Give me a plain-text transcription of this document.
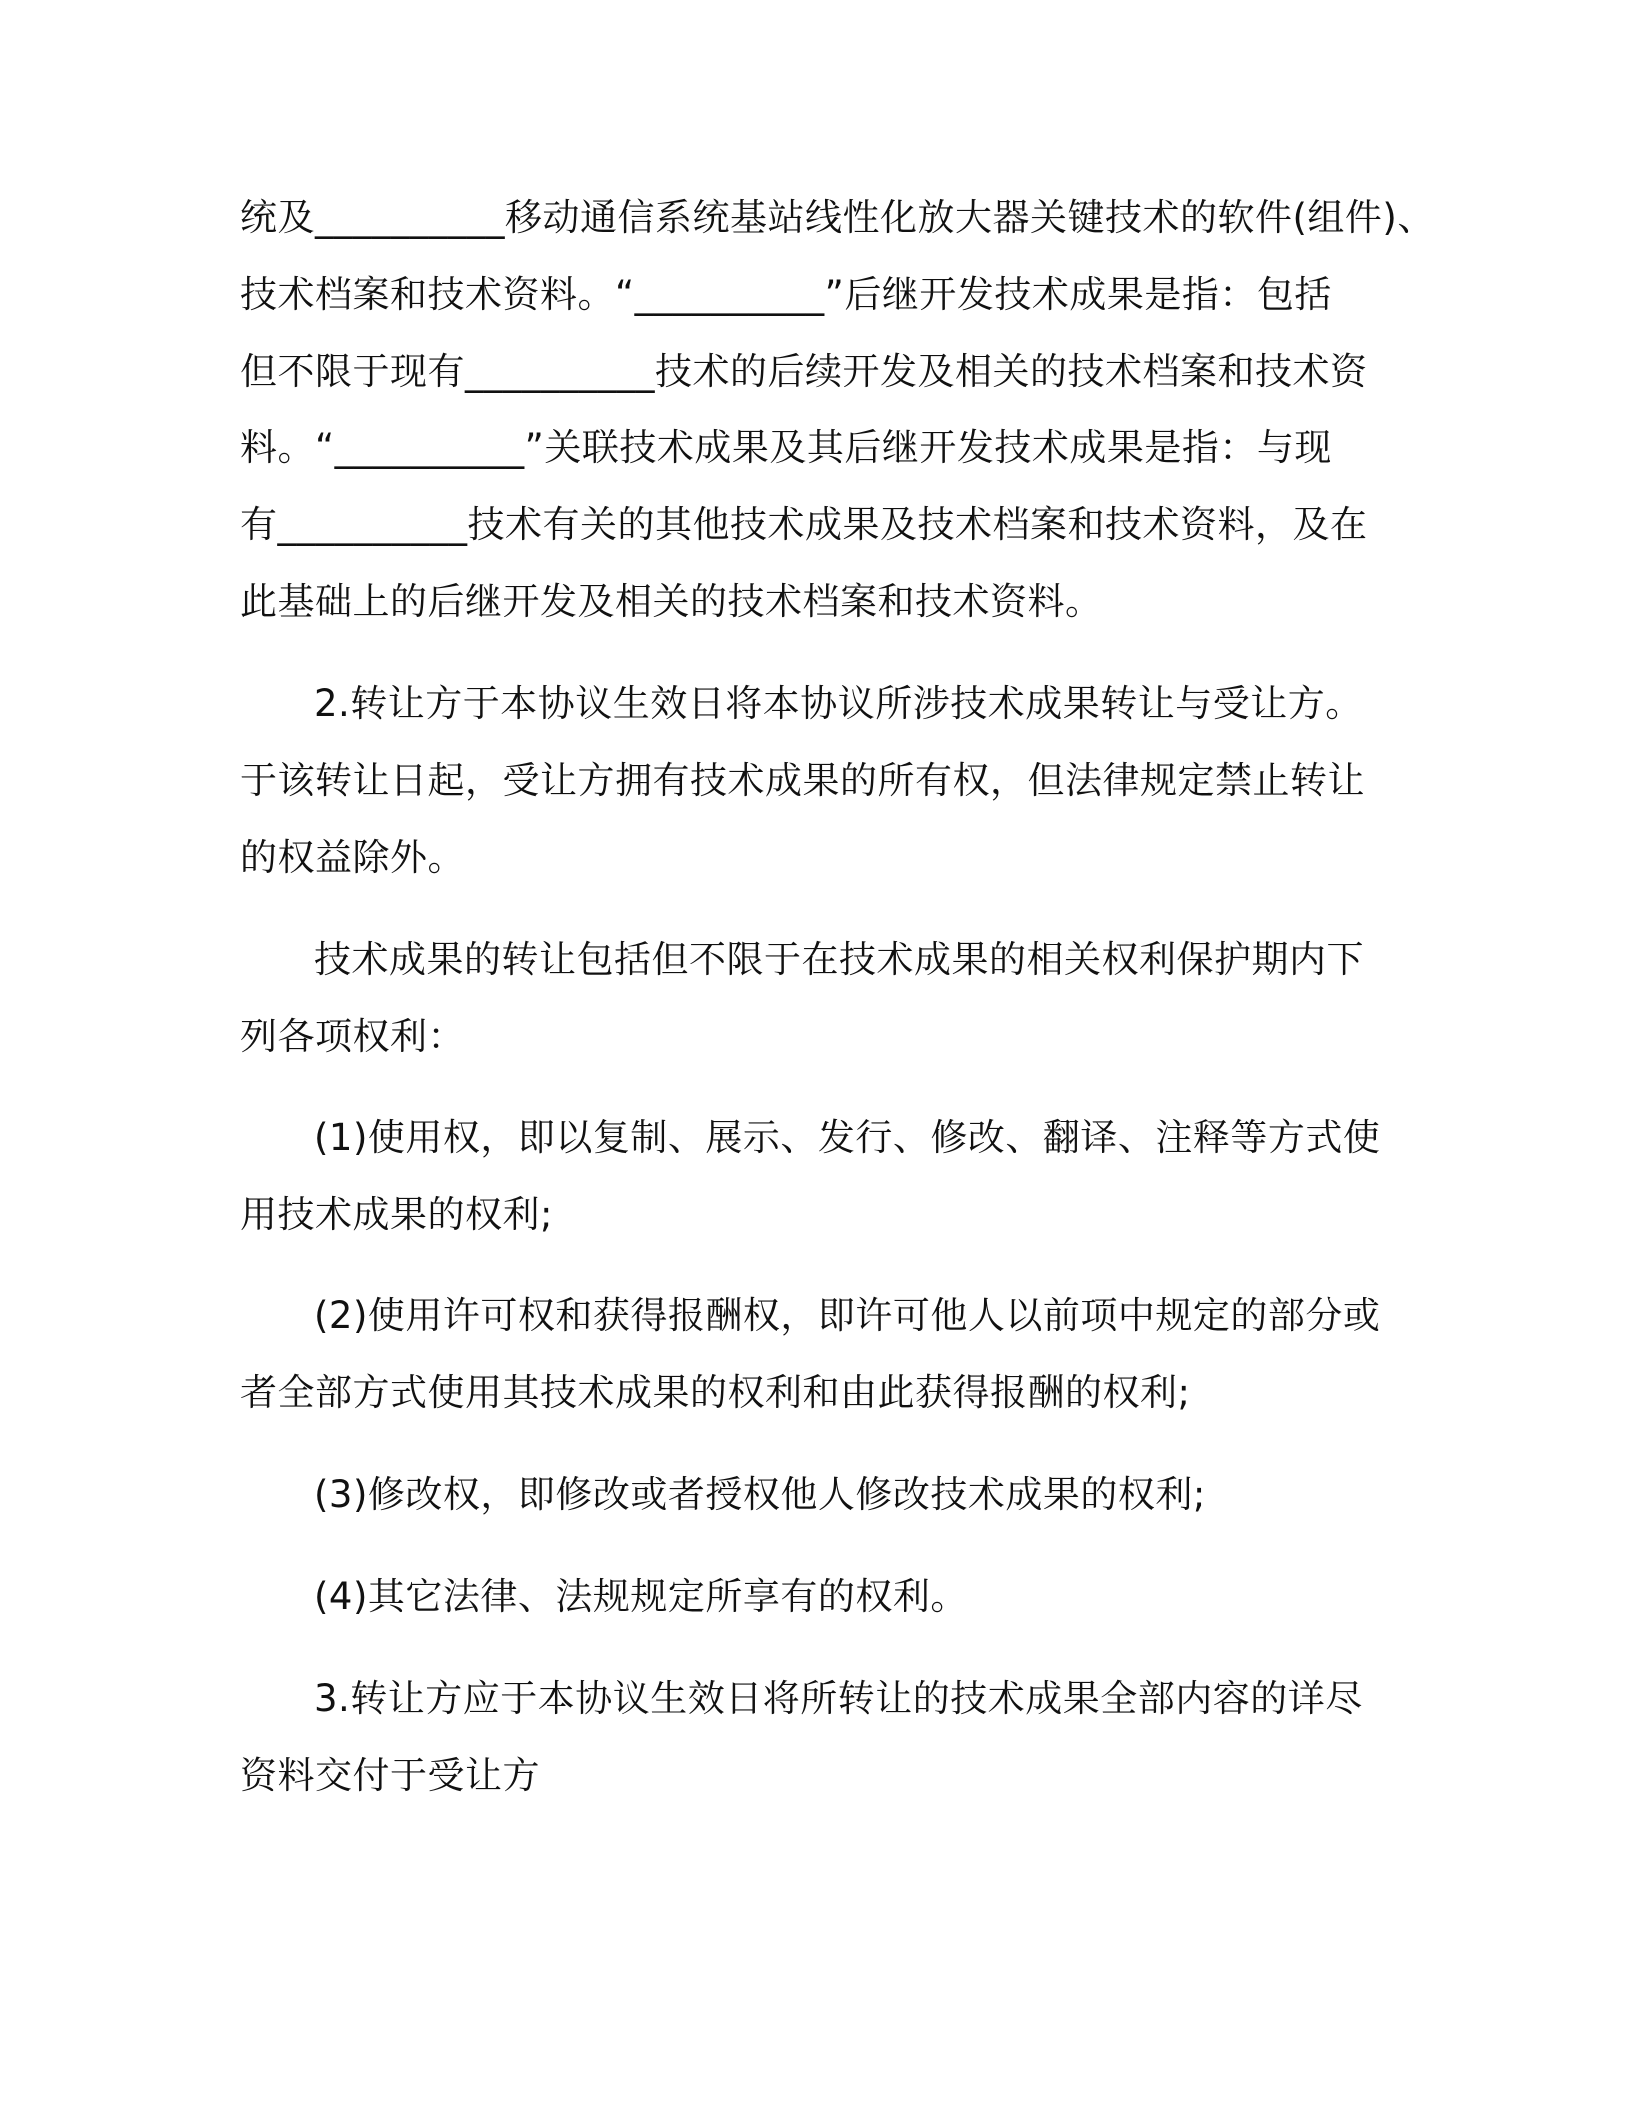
统及__________移动通信系统基站线性化放大器关键技术的软件(组件)、
技术档案和技术资料。“__________”后继开发技术成果是指：包括
但不限于现有__________技术的后续开发及相关的技术档案和技术资
料。“__________”关联技术成果及其后继开发技术成果是指：与现
有__________技术有关的其他技术成果及技术档案和技术资料，及在
此基础上的后继开发及相关的技术档案和技术资料。
2.转让方于本协议生效日将本协议所涉技术成果转让与受让方。
于该转让日起，受让方拥有技术成果的所有权，但法律规定禁止转让
的权益除外。
技术成果的转让包括但不限于在技术成果的相关权利保护期内下
列各项权利：
(1)使用权，即以复制、展示、发行、修改、翻译、注释等方式使
用技术成果的权利;
(2)使用许可权和获得报酬权，即许可他人以前项中规定的部分或
者全部方式使用其技术成果的权利和由此获得报酬的权利;
(3)修改权，即修改或者授权他人修改技术成果的权利;
(4)其它法律、法规规定所享有的权利。
3.转让方应于本协议生效日将所转让的技术成果全部内容的详尽
资料交付于受让方
